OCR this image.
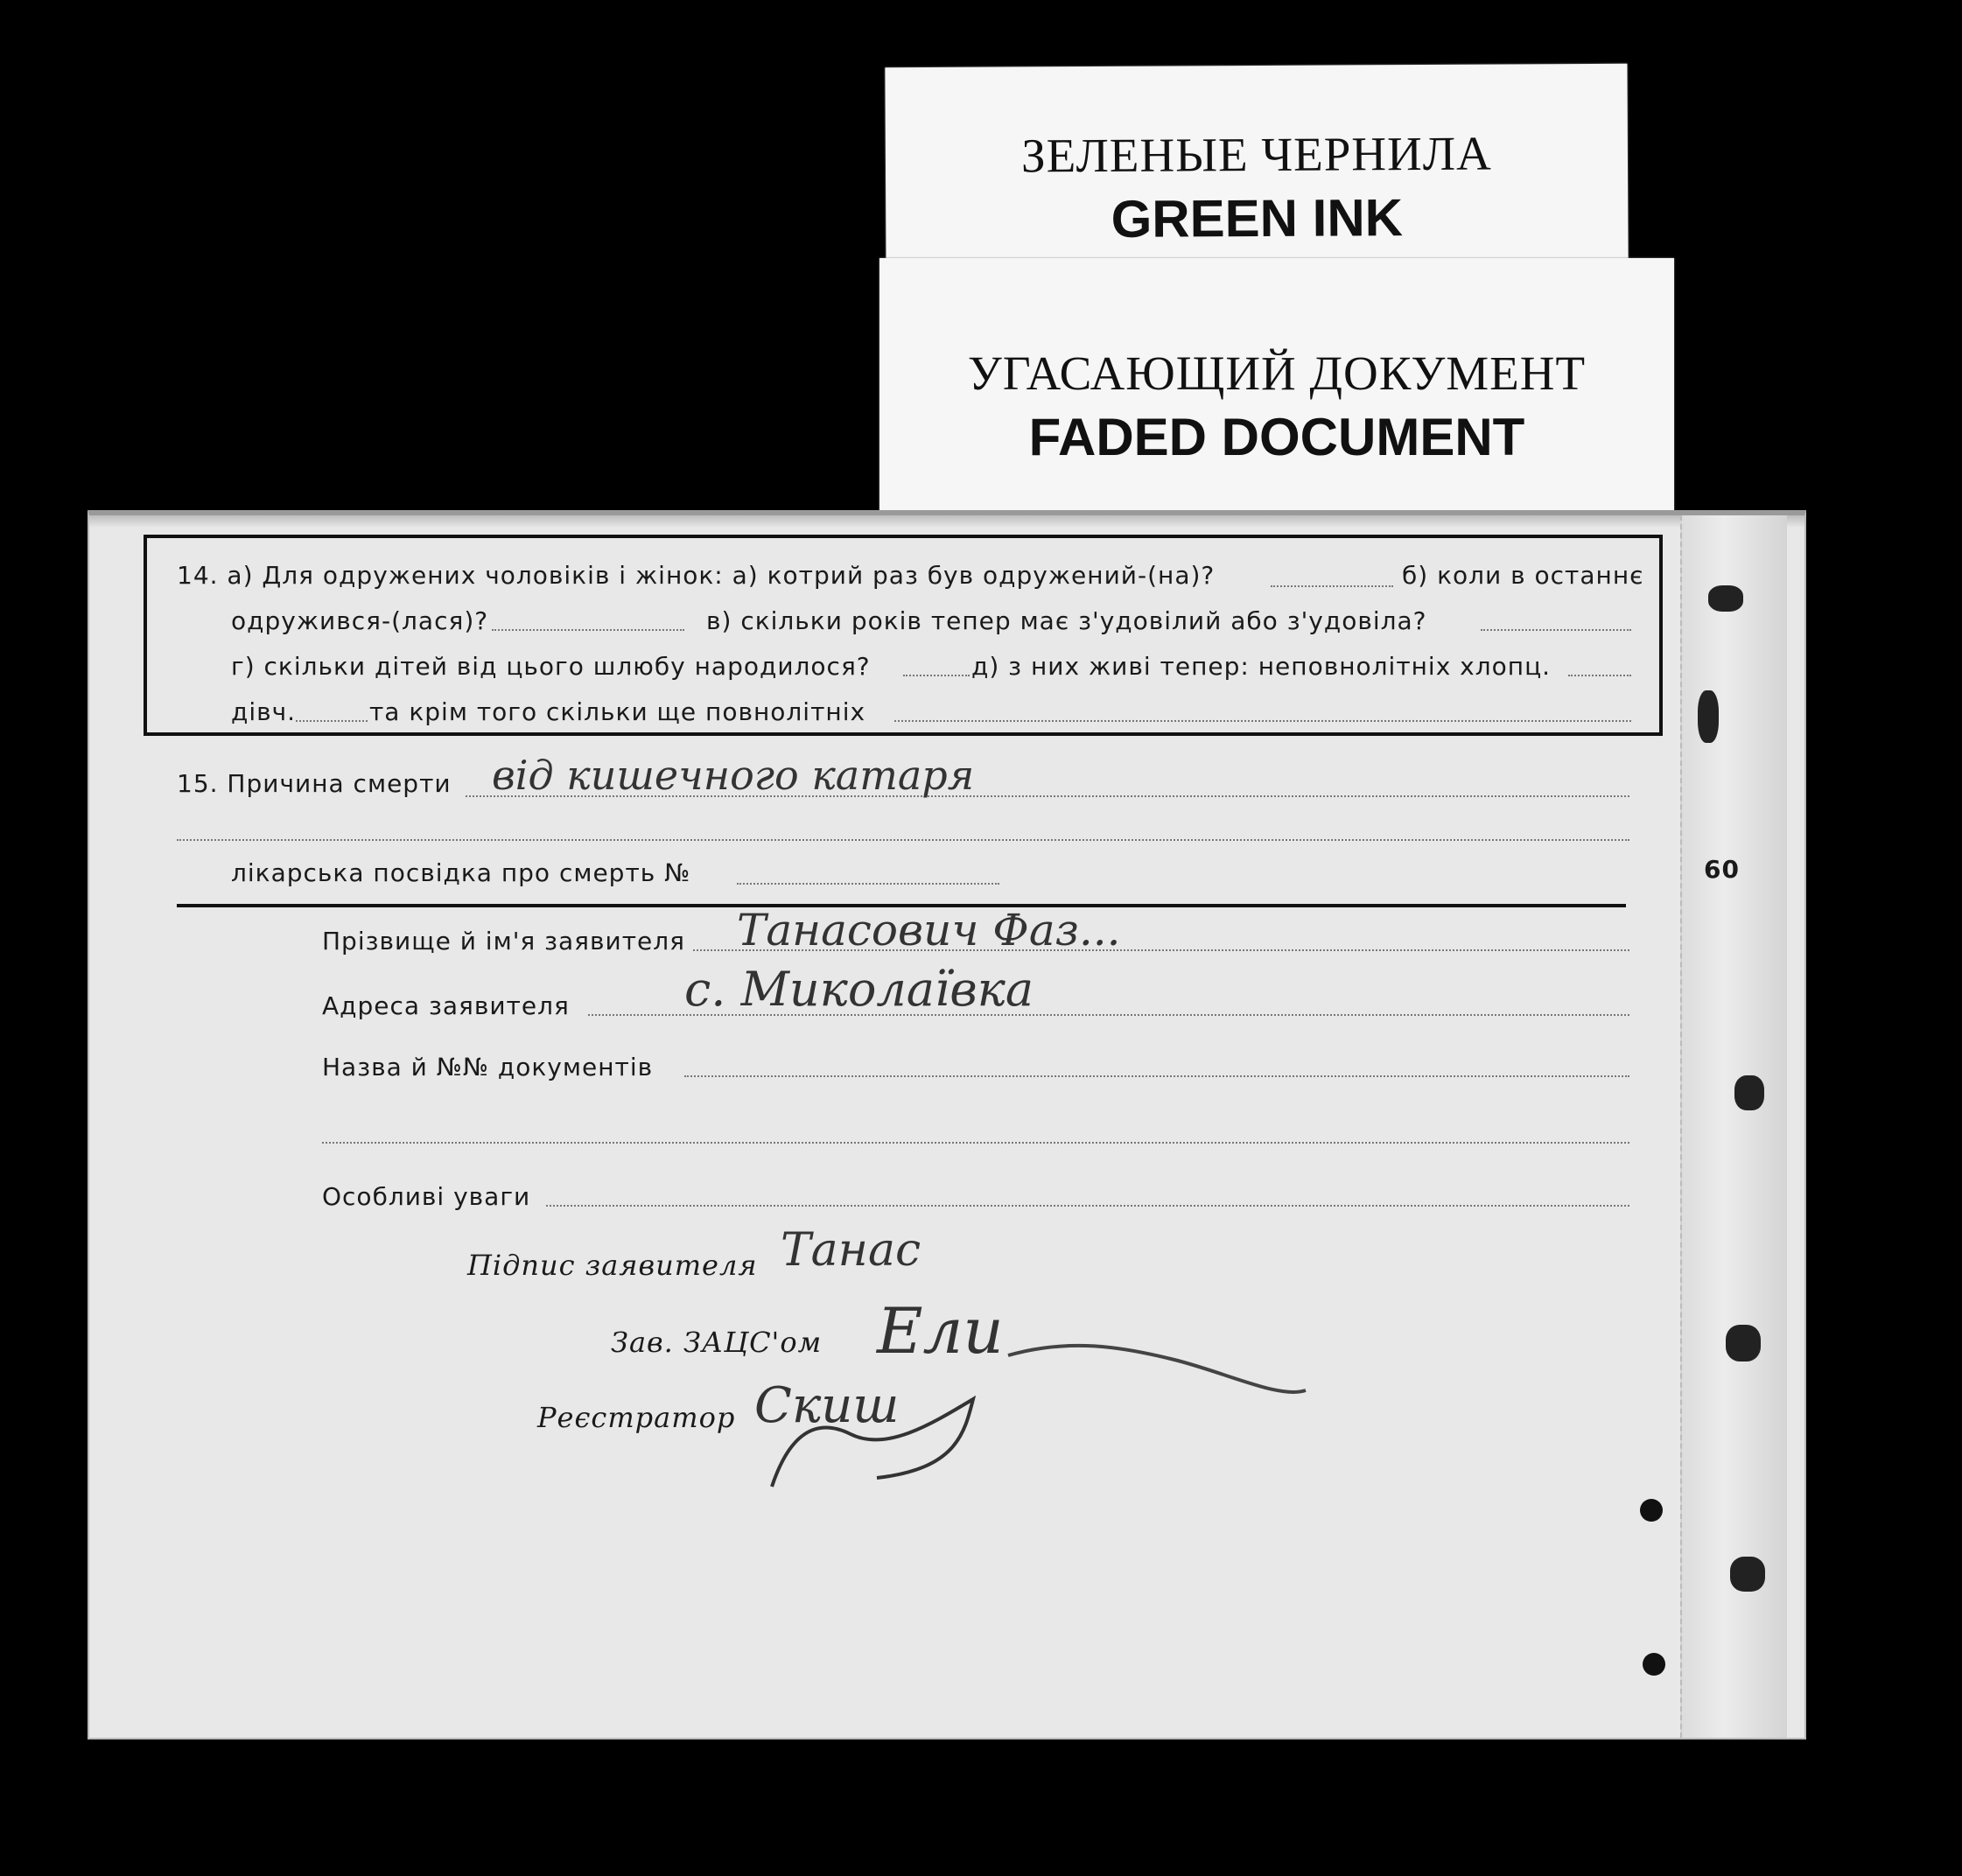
ЗЕЛЕНЫЕ ЧЕРНИЛА
GREEN INK
УГАСАЮЩИЙ ДОКУМЕНТ
FADED DOCUMENT
14. а) Для одружених чоловіків і жінок: а) котрий раз був одружений-(на)?	б) коли в останнє
одружився-(лася)?	в) скільки років тепер має з'удовілий або з'удовіла?
г) скільки дітей від цього шлюбу народилося?	д) з них живі тепер: неповнолітніх хлопц.
дівч.	та крім того скільки ще повнолітніх
15. Причина смерти від кишечного катаря
лікарська посвідка про смерть №
Прізвище й ім'я заявителя Танасович Фаз...
Адреса заявителя с. Миколаївка
Назва й №№ документів
Особливі уваги
Підпис заявителя Танас
Зав. ЗАЦС'ом Ели
Реєстратор Скиш
60
